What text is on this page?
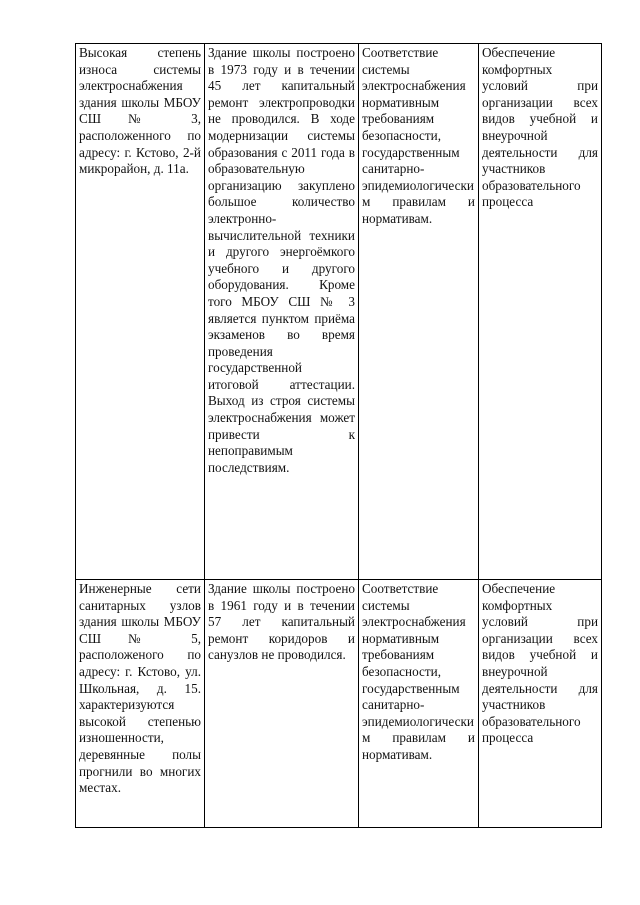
Высокая степень износа системы электроснабжения здания школы МБОУ СШ № 3, расположенного по адресу: г. Кстово, 2-й микрорайон, д. 11а.	Здание школы построено в 1973 году и в течении 45 лет капитальный ремонт электропроводки не проводился. В ходе модернизации системы образования с 2011 года в образовательную организацию закуплено большое количество электронно-вычислительной техники и другого энергоёмкого учебного и другого оборудования. Кроме того МБОУ СШ № 3 является пунктом приёма экзаменов во время проведения государственной итоговой аттестации. Выход из строя системы электроснабжения может привести к непоправимым последствиям.	Соответствие системы электроснабжения нормативным требованиям безопасности, государственным санитарно-эпидемиологическим правилам и нормативам.	Обеспечение комфортных условий при организации всех видов учебной и внеурочной деятельности для участников образовательного процесса
Инженерные сети санитарных узлов здания школы МБОУ СШ № 5, расположеного по адресу: г. Кстово, ул. Школьная, д. 15. характеризуются высокой степенью изношенности, деревянные полы прогнили во многих местах.	Здание школы построено в 1961 году и в течении 57 лет капитальный ремонт коридоров и санузлов не проводился.	Соответствие системы электроснабжения нормативным требованиям безопасности, государственным санитарно-эпидемиологическим правилам и нормативам.	Обеспечение комфортных условий при организации всех видов учебной и внеурочной деятельности для участников образовательного процесса
